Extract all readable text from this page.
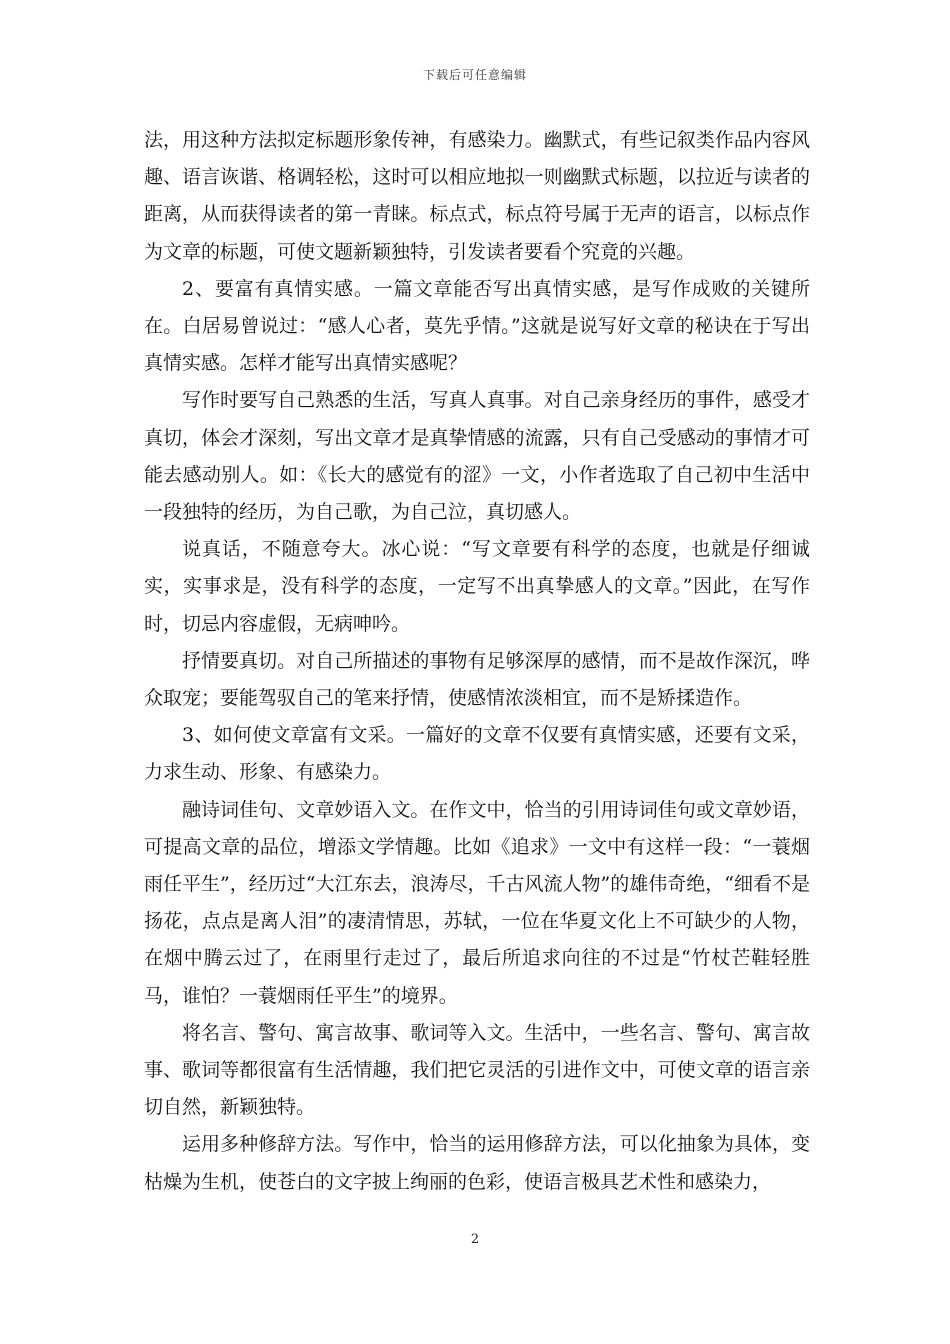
下载后可任意编辑

法，用这种方法拟定标题形象传神，有感染力。幽默式，有些记叙类作品内容风趣、语言诙谐、格调轻松，这时可以相应地拟一则幽默式标题，以拉近与读者的距离，从而获得读者的第一青睐。标点式，标点符号属于无声的语言，以标点作为文章的标题，可使文题新颖独特，引发读者要看个究竟的兴趣。

2、要富有真情实感。一篇文章能否写出真情实感，是写作成败的关键所在。白居易曾说过：“感人心者，莫先乎情。”这就是说写好文章的秘诀在于写出真情实感。怎样才能写出真情实感呢？

写作时要写自己熟悉的生活，写真人真事。对自己亲身经历的事件，感受才真切，体会才深刻，写出文章才是真挚情感的流露，只有自己受感动的事情才可能去感动别人。如：《长大的感觉有的涩》一文，小作者选取了自己初中生活中一段独特的经历，为自己歌，为自己泣，真切感人。

说真话，不随意夸大。冰心说：“写文章要有科学的态度，也就是仔细诚实，实事求是，没有科学的态度，一定写不出真挚感人的文章。”因此，在写作时，切忌内容虚假，无病呻吟。

抒情要真切。对自己所描述的事物有足够深厚的感情，而不是故作深沉，哗众取宠；要能驾驭自己的笔来抒情，使感情浓淡相宜，而不是矫揉造作。

3、如何使文章富有文采。一篇好的文章不仅要有真情实感，还要有文采，力求生动、形象、有感染力。

融诗词佳句、文章妙语入文。在作文中，恰当的引用诗词佳句或文章妙语，可提高文章的品位，增添文学情趣。比如《追求》一文中有这样一段：“一蓑烟雨任平生”，经历过“大江东去，浪涛尽，千古风流人物”的雄伟奇绝，“细看不是扬花，点点是离人泪”的凄清情思，苏轼，一位在华夏文化上不可缺少的人物，在烟中腾云过了，在雨里行走过了，最后所追求向往的不过是“竹杖芒鞋轻胜马，谁怕？一蓑烟雨任平生”的境界。

将名言、警句、寓言故事、歌词等入文。生活中，一些名言、警句、寓言故事、歌词等都很富有生活情趣，我们把它灵活的引进作文中，可使文章的语言亲切自然，新颖独特。

运用多种修辞方法。写作中，恰当的运用修辞方法，可以化抽象为具体，变枯燥为生机，使苍白的文字披上绚丽的色彩，使语言极具艺术性和感染力，

2
